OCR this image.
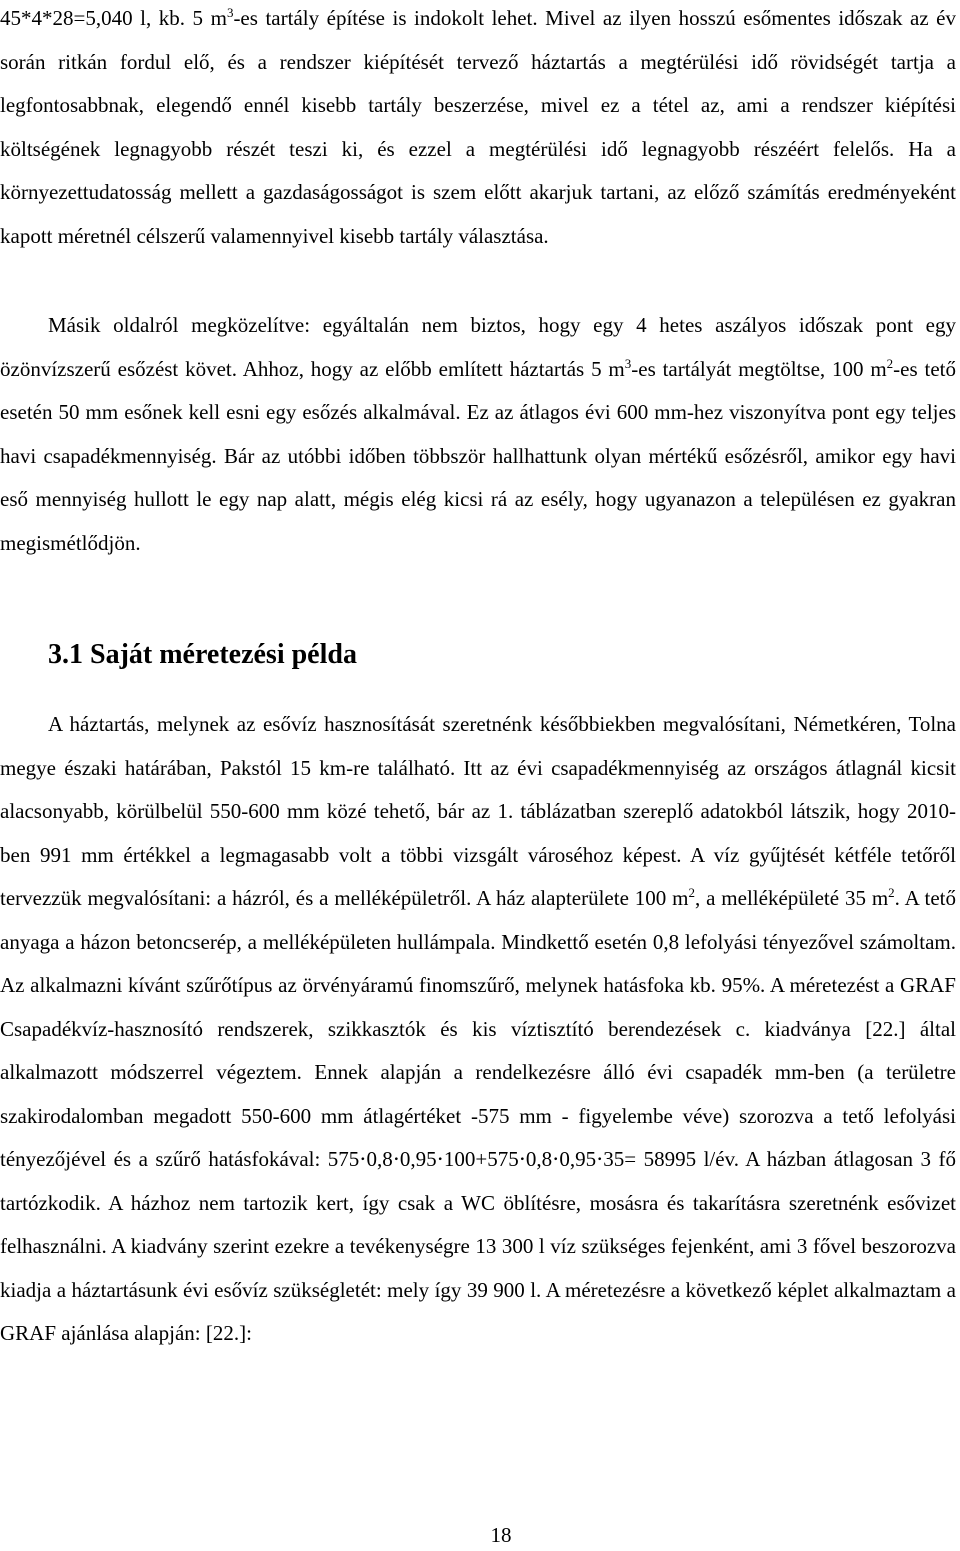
45*4*28=5,040 l, kb. 5 $m^3-es$ tartály építése is indokolt lehet. Mivel az ilyen hosszú esőmentes időszak az év során ritkán fordul elő, és a rendszer kiépítését tervező háztartás a megtérülési idő rövidségét tartja a legfontosabbnak, elegendő ennél kisebb tartály beszerzése, mivel ez a tétel az, ami a rendszer kiépítési költségének legnagyobb részét teszi ki, és ezzel a megtérülési idő legnagyobb részéért felelős. Ha a környezettudatosság mellett a gazdaságosságot is szem előtt akarjuk tartani, az előző számítás eredményeként kapott méretnél célszerű valamennyivel kisebb tartály választása.

Másik oldalról megközelítve: egyáltalán nem biztos, hogy egy 4 hetes aszályos időszak pont egy özönvízszerű esőzést követ. Ahhoz, hogy az előbb említett háztartás 5 $m^3-es$ tartályát megtöltse, 100 $m^2-es$ tető esetén 50 mm esőnek kell esni egy esőzés alkalmával. Ez az átlagos évi 600 mm-hez viszonyítva pont egy teljes havi csapadékmennyiség. Bár az utóbbi időben többször hallhattunk olyan mértékű esőzésről, amikor egy havi eső mennyiség hullott le egy nap alatt, mégis elég kicsi rá az esély, hogy ugyanazon a településen ez gyakran megismétlődjön.

3.1 Saját méretezési példa

A háztartás, melynek az esővíz hasznosítását szeretnénk későbbiekben megvalósítani, Németkéren, Tolna megye északi határában, Pakstól 15 km-re található. Itt az évi csapadékmennyiség az országos átlagnál kicsit alacsonyabb, körülbelül 550-600 mm közé tehető, bár az 1. táblázatban szereplő adatokból látszik, hogy 2010-ben 991 mm értékkel a legmagasabb volt a többi vizsgált városéhoz képest. A víz gyűjtését kétféle tetőről tervezzük megvalósítani: a házról, és a melléképületről. A ház alapterülete 100 $m^2$, a melléképületé 35 $m^2$. A tető anyaga a házon betoncserép, a melléképületen hullámpala. Mindkettő esetén 0,8 lefolyási tényezővel számoltam. Az alkalmazni kívánt szűrőtípus az örvényáramú finomszűrő, melynek hatásfoka kb. 95%. A méretezést a GRAF Csapadékvíz-hasznosító rendszerek, szikkasztók és kis víztisztító berendezések c. kiadványa [22.] által alkalmazott módszerrel végeztem. Ennek alapján a rendelkezésre álló évi csapadék mm-ben (a területre szakirodalomban megadott 550-600 mm átlagértéket -575 mm - figyelembe véve) szorozva a tető lefolyási tényezőjével és a szűrő hatásfokával: 575⋅0,8⋅0,95⋅100+575⋅0,8⋅0,95⋅35= 58995 l/év. A házban átlagosan 3 fő tartózkodik. A házhoz nem tartozik kert, így csak a WC öblítésre, mosásra és takarításra szeretnénk esővizet felhasználni. A kiadvány szerint ezekre a tevékenységre 13 300 l víz szükséges fejenként, ami 3 fővel beszorozva kiadja a háztartásunk évi esővíz szükségletét: mely így 39 900 l. A méretezésre a következő képlet alkalmaztam a GRAF ajánlása alapján: [22.]:

18
